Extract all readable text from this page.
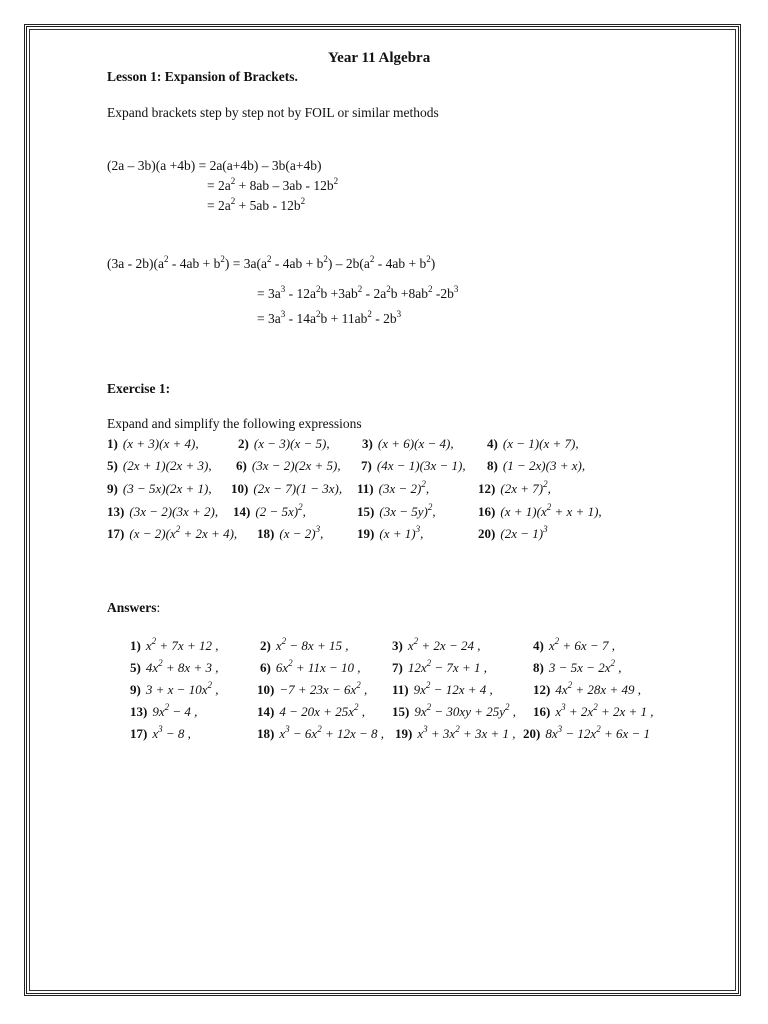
Year 11 Algebra
Lesson 1: Expansion of Brackets.
Expand brackets step by step not by FOIL or similar methods
(2a – 3b)(a +4b) = 2a(a+4b) – 3b(a+4b)
= $2a^2 + 8ab - 3ab - 12b^2$
= $2a^2 + 5ab - 12b^2$
$(3a - 2b)(a^2 - 4ab + b^2) = 3a(a^2 - 4ab + b^2) - 2b(a^2 - 4ab + b^2)$
= $3a^3 - 12a^2b +3ab^2 - 2a^2b +8ab^2$ $-2b^3$
= $3a^3 - 14a^2b + 11ab^2 - 2b^3$
Exercise 1:
Expand and simplify the following expressions
1) (x + 3)(x + 4),	2) (x − 3)(x − 5), 3) (x + 6)(x − 4),	4) (x − 1)(x + 7),
5) (2x + 1)(2x + 3), 6) (3x − 2)(2x + 5), 7) (4x − 1)(3x − 1), 8) (1 − 2x)(3 + x),
9) (3 − 5x)(2x + 1), 10) (2x − 7)(1 − 3x), 11) $(3x - 2)^2$,	12) $(2x + 7)^2$,
13) (3x − 2)(3x + 2), 14) $(2 - 5x)^2$,	15) $(3x - 5y)^2$,	16) $(x + 1)(x^2 + x + 1)$,
17) $(x - 2)(x^2 + 2x + 4)$, 18) $(x - 2)^3$,	19) $(x + 1)^3$,	20) $(2x - 1)^3$
Answers:
1) $x^2 + 7x + 12$ ,	2) $x^2 - 8x + 15$ ,	3) $x^2 + 2x - 24$ ,	4) $x^2 + 6x - 7$ ,
5) $4x^2 + 8x + 3$ ,	6) $6x^2 + 11x - 10$ , 7) $12x^2 - 7x + 1$ ,	8) $3 - 5x - 2x^2$ ,
9) $3 + x - 10x^2$ ,	$10) -7 + 23x - 6x^2$ , 11) $9x^2 - 12x + 4$ ,	12) $4x^2 + 28x + 49$ ,
13) $9x^2 - 4$ ,	14) $4 - 20x + 25x^2$ , 15) $9x^2 - 30xy + 25y^2$ , 16) $x^3 + 2x^2 + 2x + 1$ ,
17) $x^3 - 8$ ,	18) $x^3 - 6x^2 + 12x - 8$ , 19) $x^3 + 3x^2 + 3x + 1$ , 20) $8x^3 - 12x^2 + 6x - 1$
